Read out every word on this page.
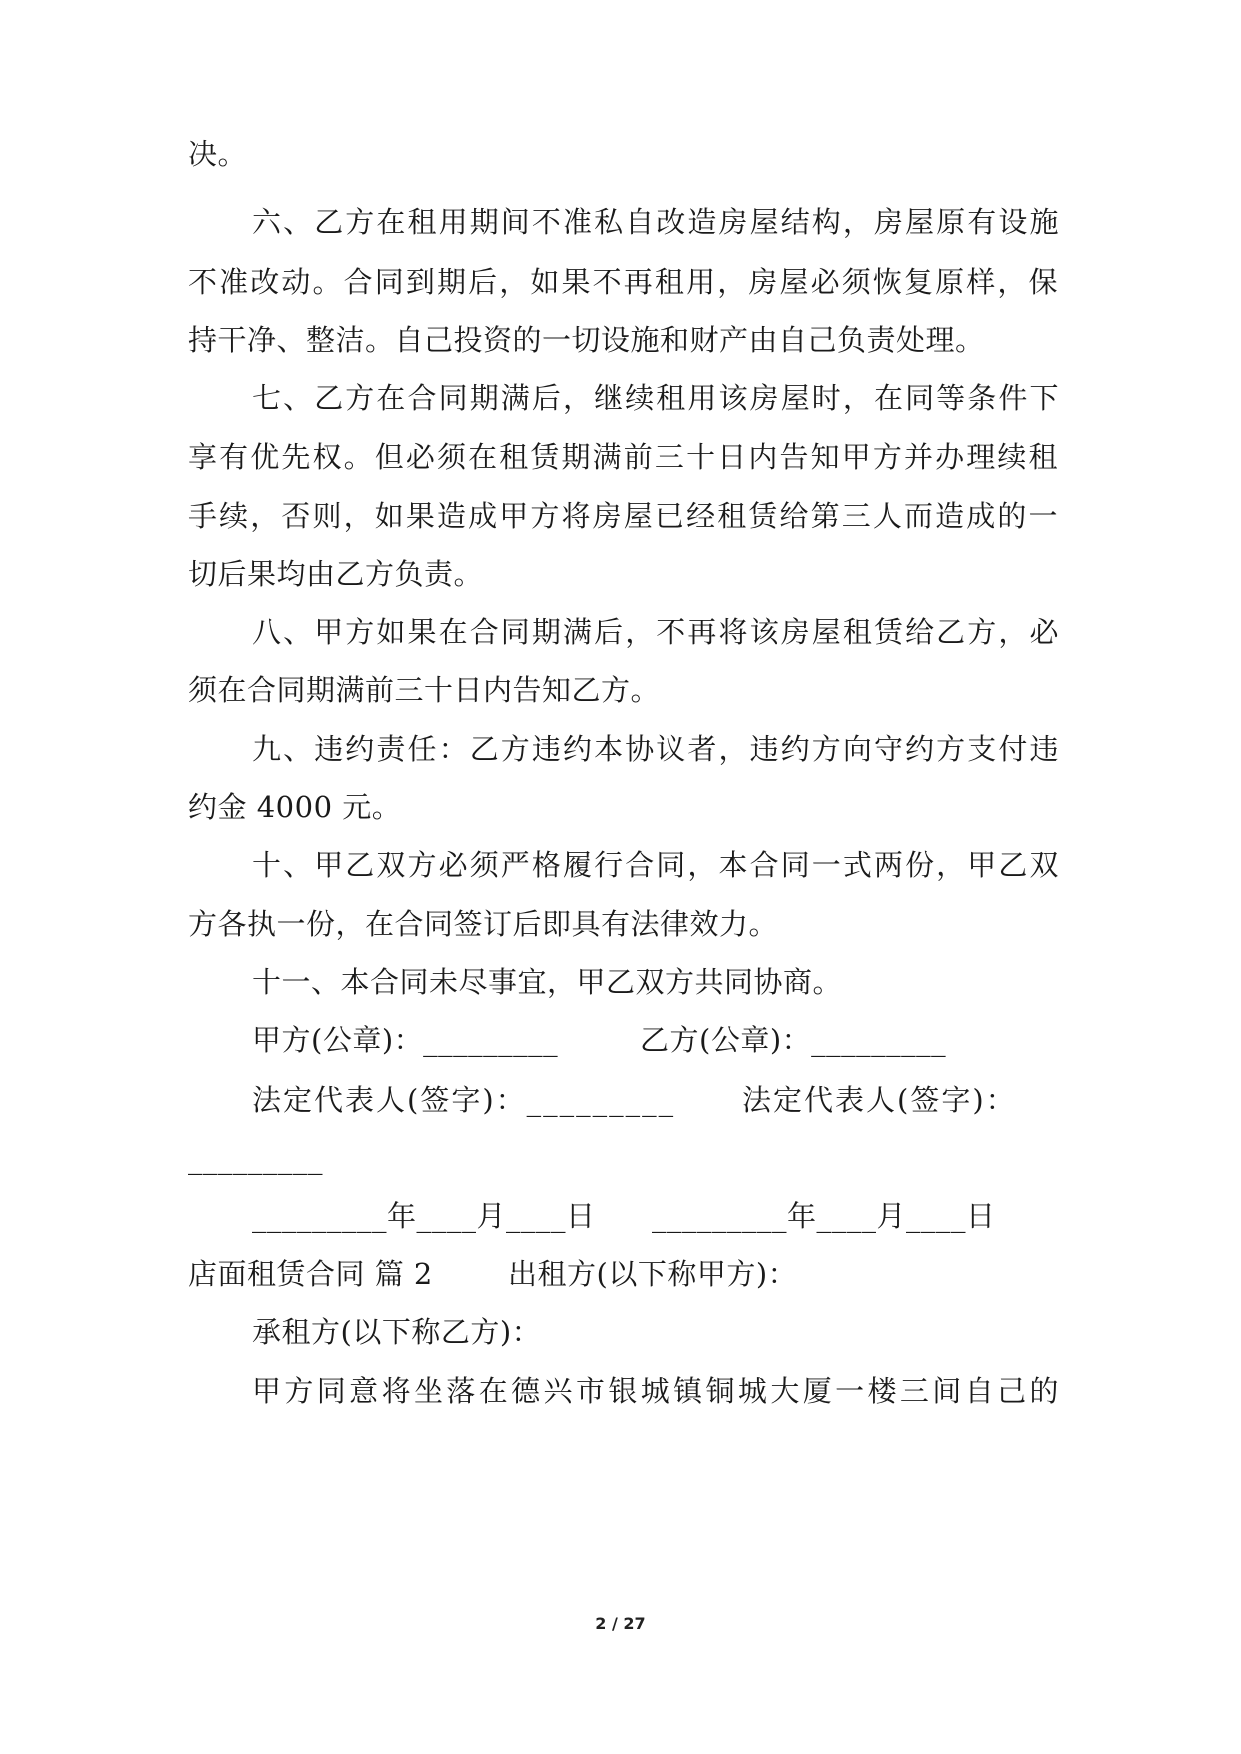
决。
六、乙方在租用期间不准私自改造房屋结构，房屋原有设施
不准改动。合同到期后，如果不再租用，房屋必须恢复原样，保
持干净、整洁。自己投资的一切设施和财产由自己负责处理。
七、乙方在合同期满后，继续租用该房屋时，在同等条件下
享有优先权。但必须在租赁期满前三十日内告知甲方并办理续租
手续，否则，如果造成甲方将房屋已经租赁给第三人而造成的一
切后果均由乙方负责。
八、甲方如果在合同期满后，不再将该房屋租赁给乙方，必
须在合同期满前三十日内告知乙方。
九、违约责任：乙方违约本协议者，违约方向守约方支付违
约金 4000 元。
十、甲乙双方必须严格履行合同，本合同一式两份，甲乙双
方各执一份，在合同签订后即具有法律效力。
十一、本合同未尽事宜，甲乙双方共同协商。
甲方(公章)：_________	乙方(公章)：_________
法定代表人(签字)：_________ 法定代表人(签字)：
_________
_________年____月____日 _________年____月____日
店面租赁合同 篇 2	出租方(以下称甲方)：
承租方(以下称乙方)：
甲方同意将坐落在德兴市银城镇铜城大厦一楼三间自己的
2 / 27
